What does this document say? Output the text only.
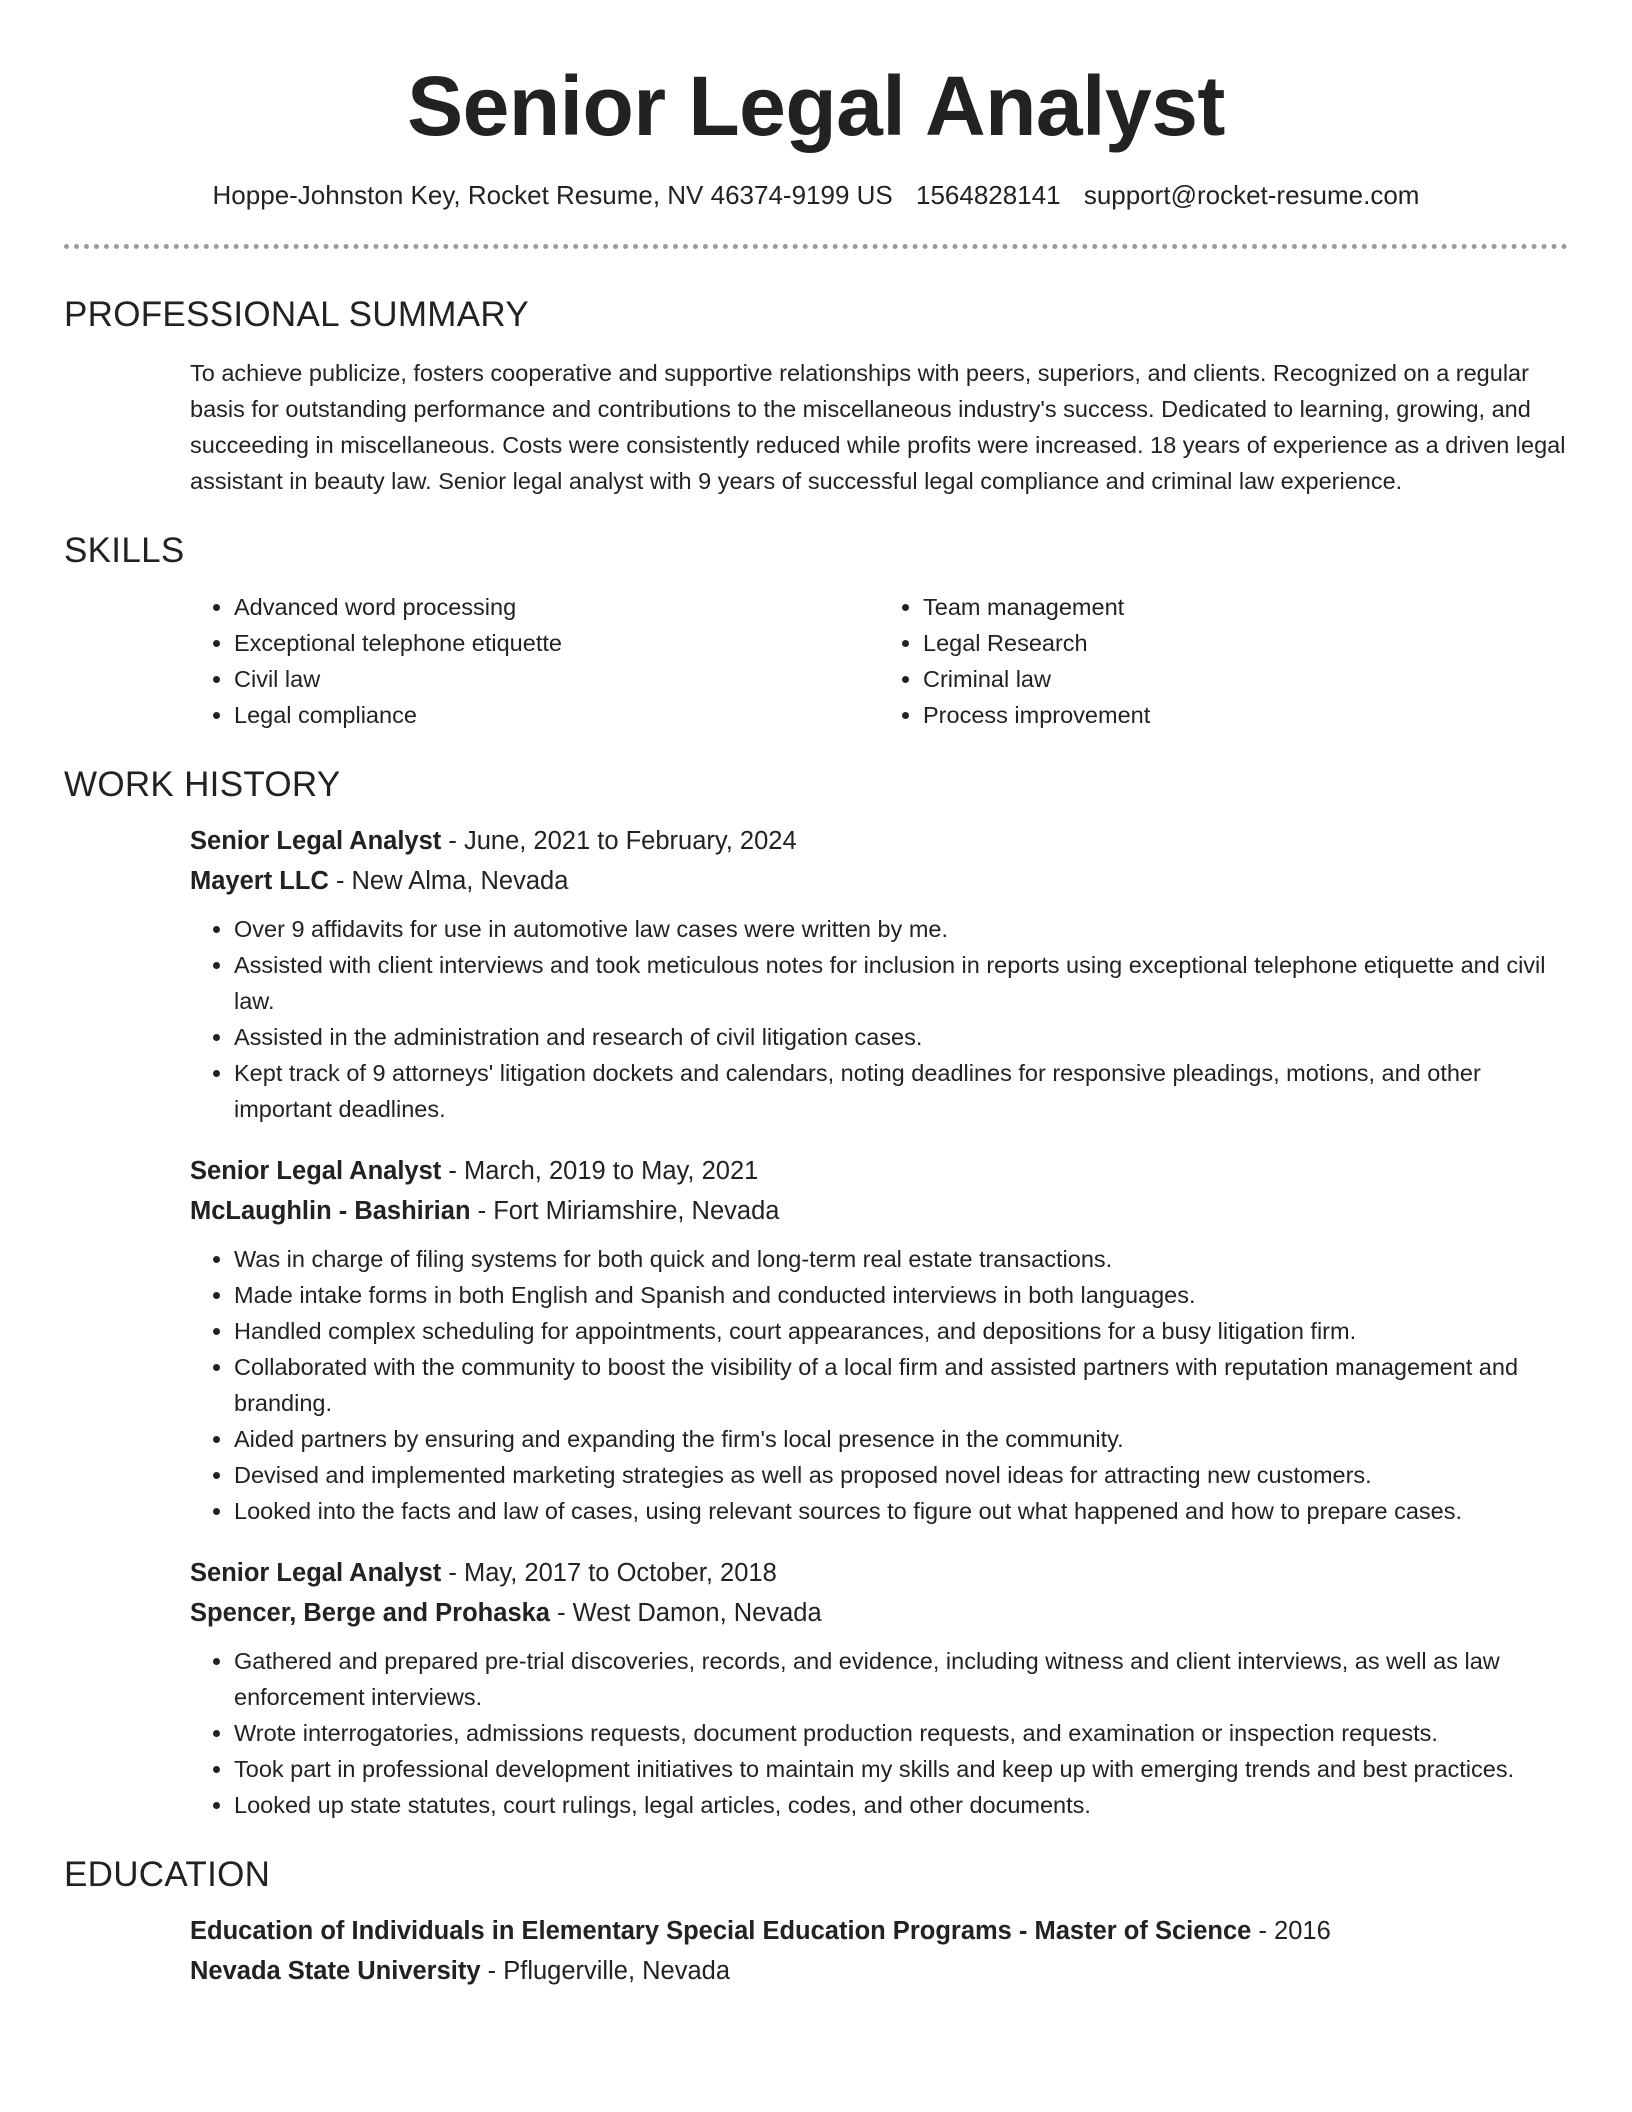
Senior Legal Analyst
Hoppe-Johnston Key, Rocket Resume, NV 46374-9199 US 1564828141 support@rocket-resume.com
PROFESSIONAL SUMMARY

To achieve publicize, fosters cooperative and supportive relationships with peers, superiors, and clients. Recognized on a regular basis for outstanding performance and contributions to the miscellaneous industry's success. Dedicated to learning, growing, and succeeding in miscellaneous. Costs were consistently reduced while profits were increased. 18 years of experience as a driven legal assistant in beauty law. Senior legal analyst with 9 years of successful legal compliance and criminal law experience.

SKILLS
• Advanced word processing
• Exceptional telephone etiquette
• Civil law
• Legal compliance
• Team management
• Legal Research
• Criminal law
• Process improvement
WORK HISTORY
Senior Legal Analyst - June, 2021 to February, 2024
Mayert LLC - New Alma, Nevada
• Over 9 affidavits for use in automotive law cases were written by me.
• Assisted with client interviews and took meticulous notes for inclusion in reports using exceptional telephone etiquette and civil law.
• Assisted in the administration and research of civil litigation cases.
• Kept track of 9 attorneys' litigation dockets and calendars, noting deadlines for responsive pleadings, motions, and other important deadlines.
Senior Legal Analyst - March, 2019 to May, 2021
McLaughlin - Bashirian - Fort Miriamshire, Nevada
• Was in charge of filing systems for both quick and long-term real estate transactions.
• Made intake forms in both English and Spanish and conducted interviews in both languages.
• Handled complex scheduling for appointments, court appearances, and depositions for a busy litigation firm.
• Collaborated with the community to boost the visibility of a local firm and assisted partners with reputation management and branding.
• Aided partners by ensuring and expanding the firm's local presence in the community.
• Devised and implemented marketing strategies as well as proposed novel ideas for attracting new customers.
• Looked into the facts and law of cases, using relevant sources to figure out what happened and how to prepare cases.
Senior Legal Analyst - May, 2017 to October, 2018
Spencer, Berge and Prohaska - West Damon, Nevada
• Gathered and prepared pre-trial discoveries, records, and evidence, including witness and client interviews, as well as law enforcement interviews.
• Wrote interrogatories, admissions requests, document production requests, and examination or inspection requests.
• Took part in professional development initiatives to maintain my skills and keep up with emerging trends and best practices.
• Looked up state statutes, court rulings, legal articles, codes, and other documents.
EDUCATION
Education of Individuals in Elementary Special Education Programs - Master of Science - 2016
Nevada State University - Pflugerville, Nevada
